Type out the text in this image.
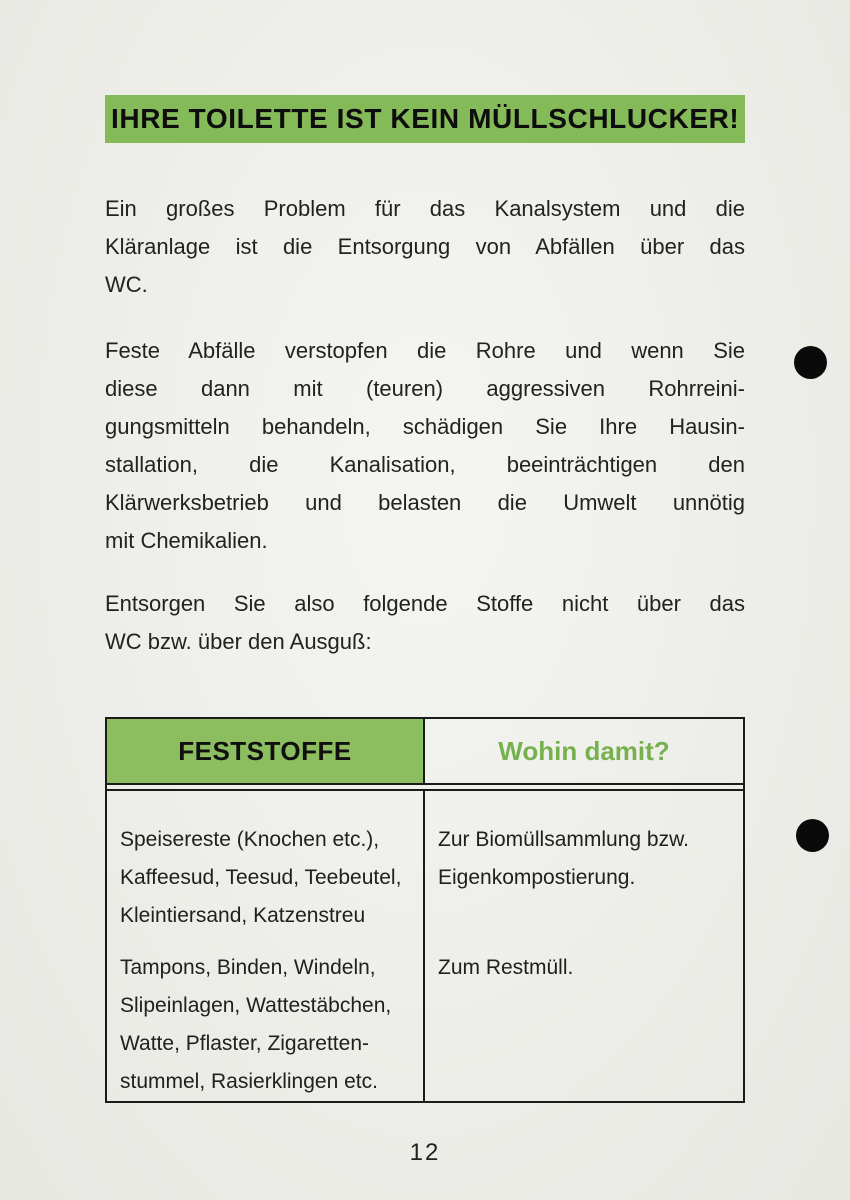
IHRE TOILETTE IST KEIN MÜLLSCHLUCKER!
Ein großes Problem für das Kanalsystem und die
Kläranlage ist die Entsorgung von Abfällen über das
WC.
Feste Abfälle verstopfen die Rohre und wenn Sie
diese dann mit (teuren) aggressiven Rohrreini-
gungsmitteln behandeln, schädigen Sie Ihre Hausin-
stallation, die Kanalisation, beeinträchtigen den
Klärwerksbetrieb und belasten die Umwelt unnötig
mit Chemikalien.
Entsorgen Sie also folgende Stoffe nicht über das
WC bzw. über den Ausguß:
FESTSTOFFE	Wohin damit?
Speisereste (Knochen etc.),
Kaffeesud, Teesud, Teebeutel,
Kleintiersand, Katzenstreu
Tampons, Binden, Windeln,
Slipeinlagen, Wattestäbchen,
Watte, Pflaster, Zigaretten-
stummel, Rasierklingen etc.
Zur Biomüllsammlung bzw.
Eigenkompostierung.
Zum Restmüll.
12
